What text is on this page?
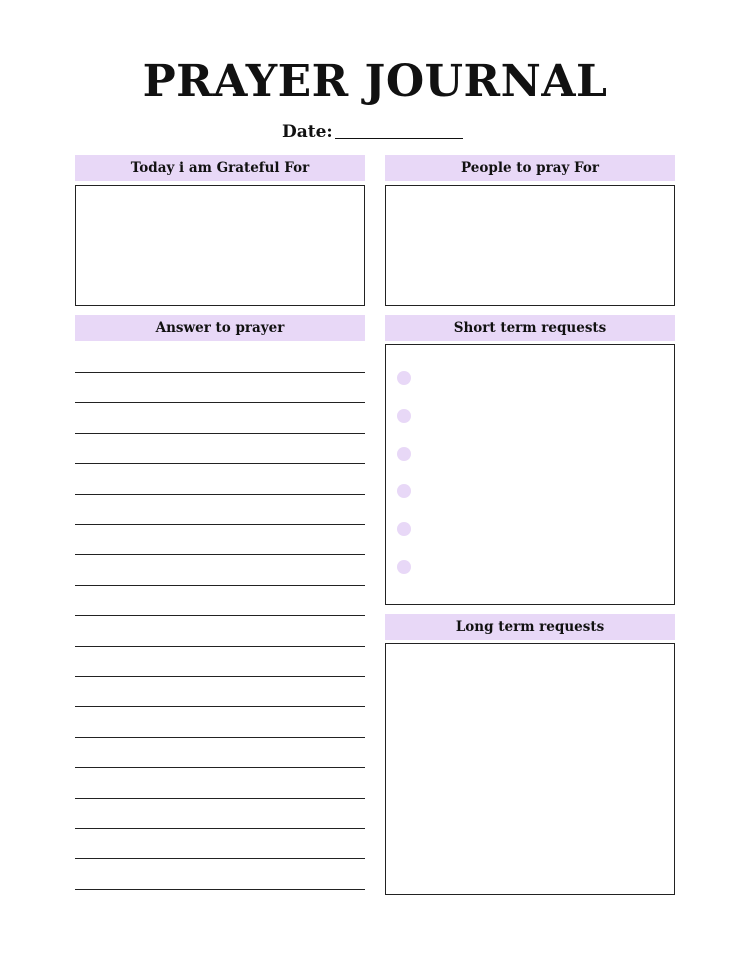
PRAYER JOURNAL
Date:
Today i am Grateful For	People to pray For
Answer to prayer	Short term requests
Long term requests
